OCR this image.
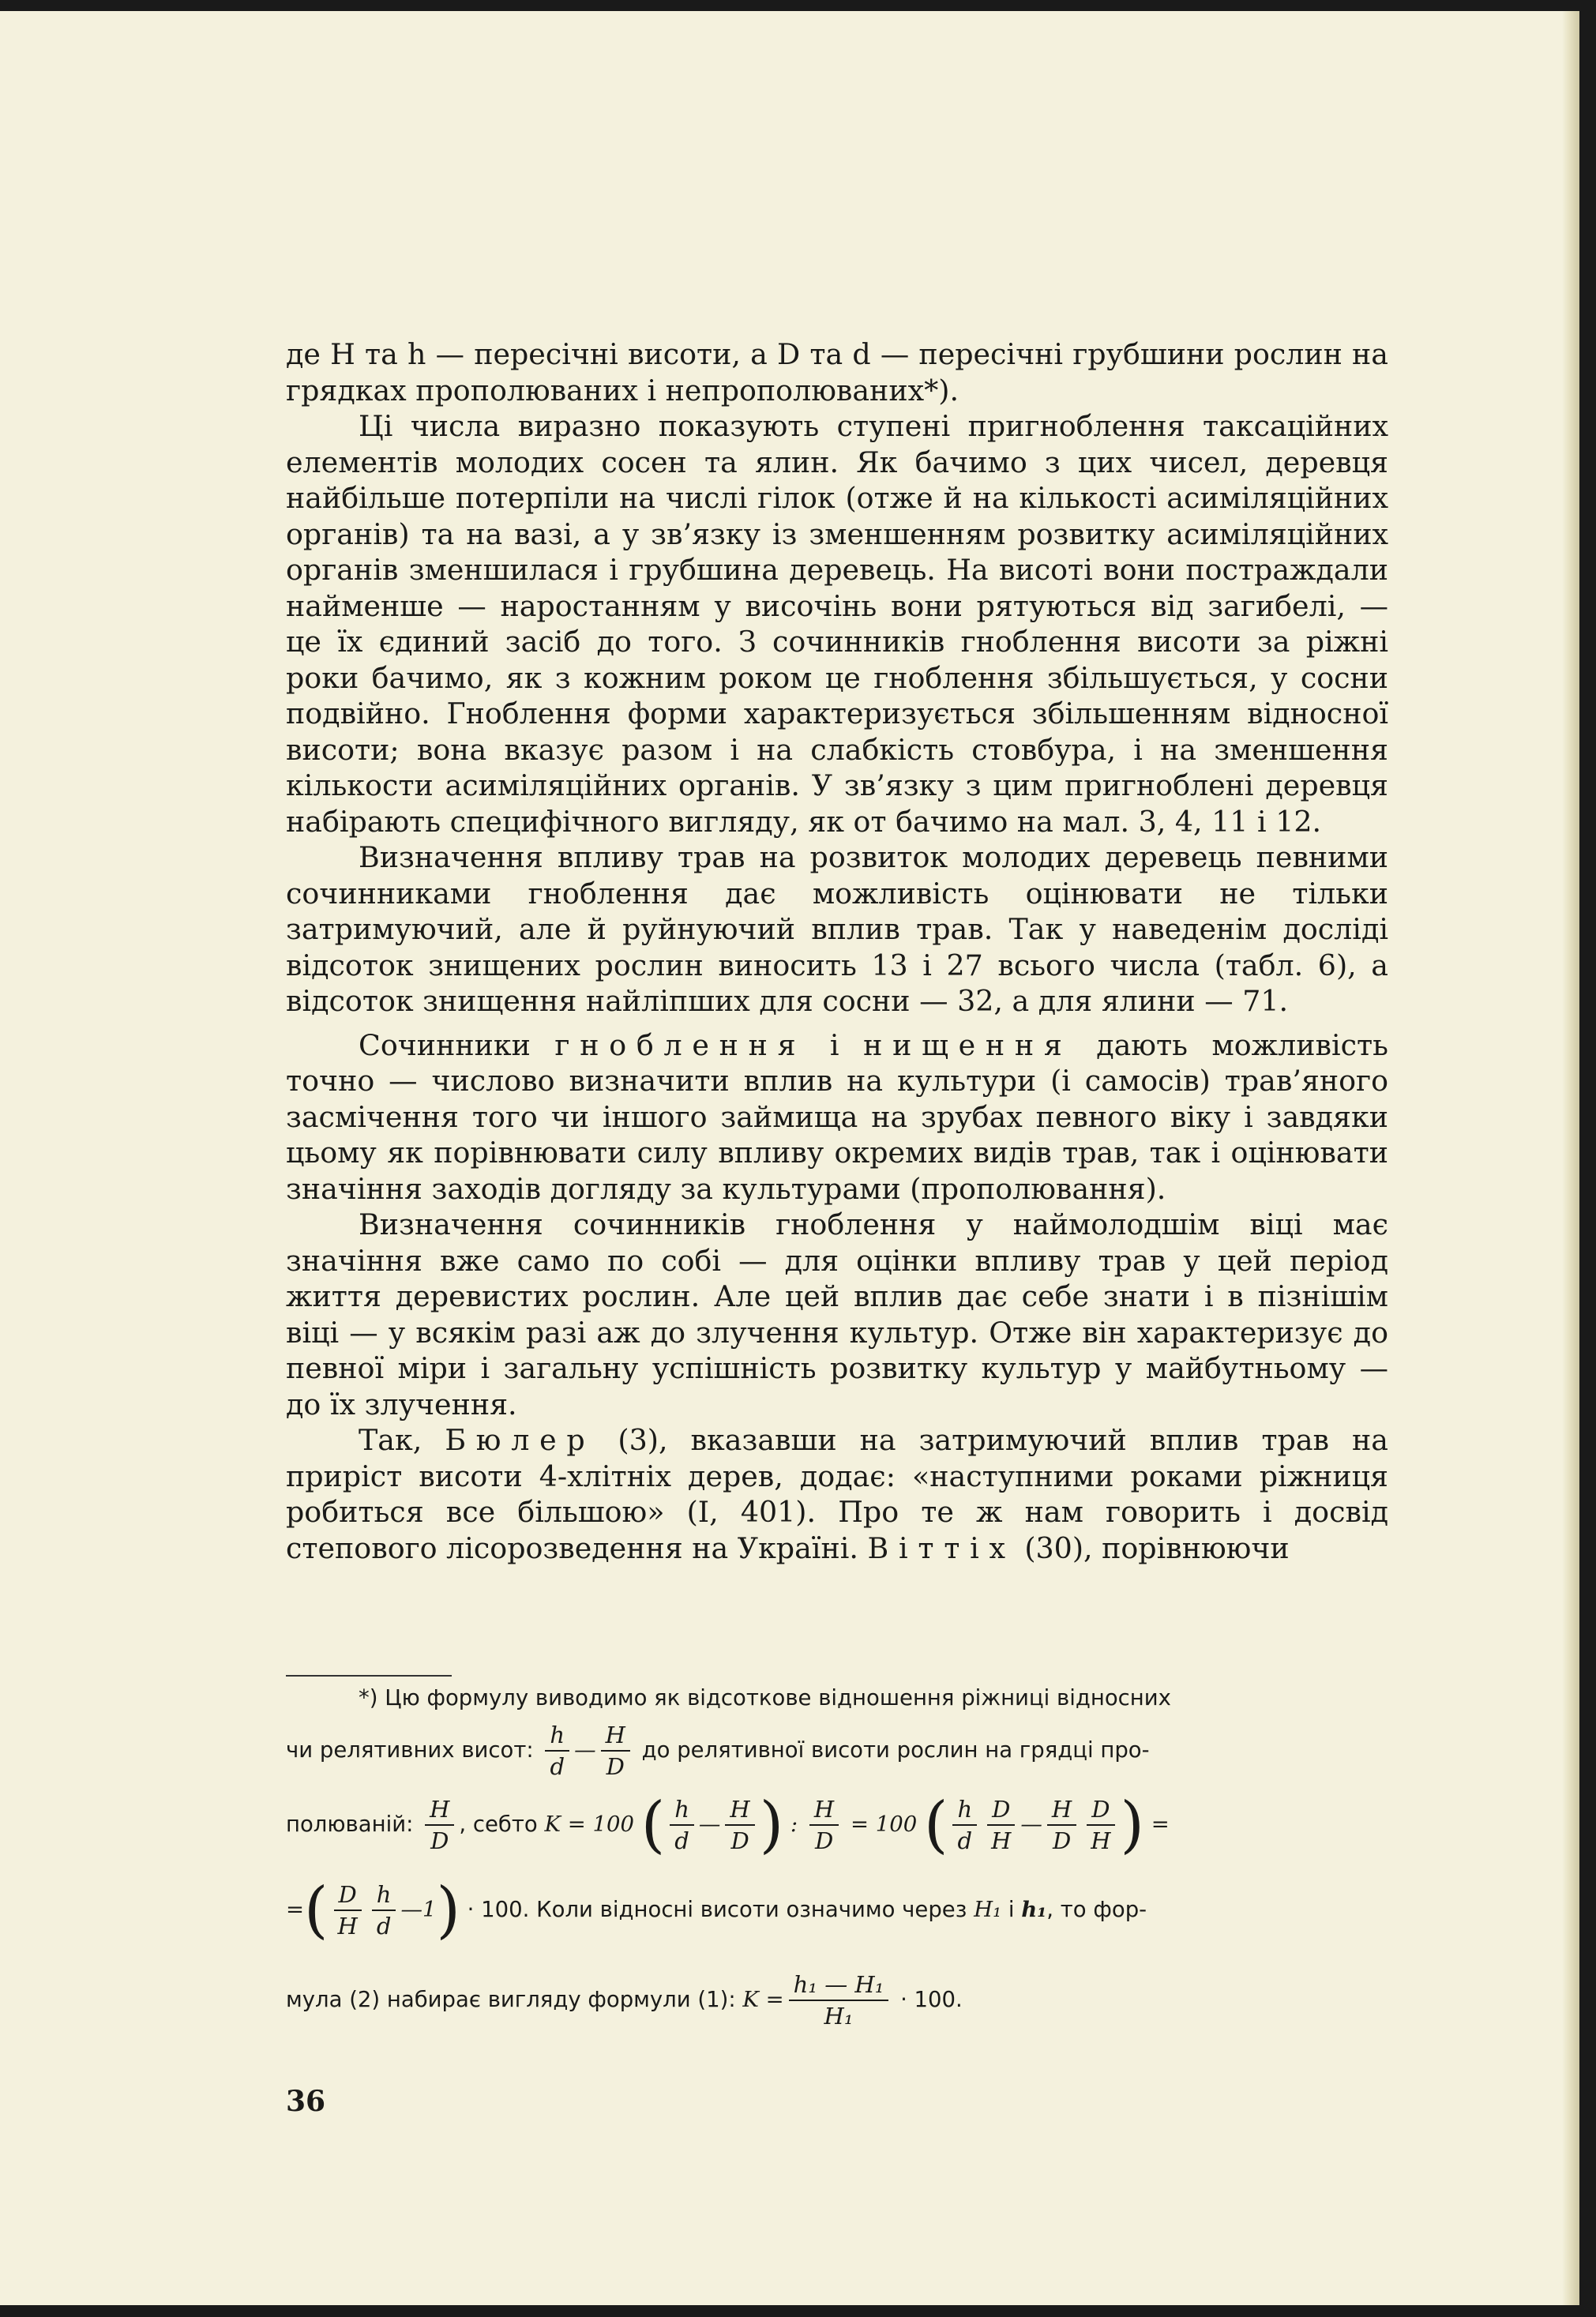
де H та h — пересічні висоти, а D та d — пересічні грубшини рослин на грядках прополюваних і непрополюваних*).

Ці числа виразно показують ступені пригноблення таксаційних елементів молодих сосен та ялин. Як бачимо з цих чисел, деревця найбільше потерпіли на числі гілок (отже й на кількості асиміляційних органів) та на вазі, а у зв’язку із зменшенням розвитку асиміляційних органів зменшилася і грубшина деревець. На висоті вони постраждали найменше — наростанням у височінь вони рятуються від загибелі, — це їх єдиний засіб до того. З сочинників гноблення висоти за ріжні роки бачимо, як з кожним роком це гноблення збільшується, у сосни подвійно. Гноблення форми характеризується збільшенням відносної висоти; вона вказує разом і на слабкість стовбура, і на зменшення кількости асиміляційних органів. У зв’язку з цим пригноблені деревця набірають специфічного вигляду, як от бачимо на мал. 3, 4, 11 і 12.

Визначення впливу трав на розвиток молодих деревець певними сочинниками гноблення дає можливість оцінювати не тільки затримуючий, але й руйнуючий вплив трав. Так у наведенім досліді відсоток знищених рослин виносить 13 і 27 всього числа (табл. 6), а відсоток знищення найліпших для сосни — 32, а для ялини — 71.

Сочинники гноблення і нищення дають можливість точно — числово визначити вплив на культури (і самосів) трав’яного засмічення того чи іншого займища на зрубах певного віку і завдяки цьому як порівнювати силу впливу окремих видів трав, так і оцінювати значіння заходів догляду за культурами (прополювання).

Визначення сочинників гноблення у наймолодшім віці має значіння вже само по собі — для оцінки впливу трав у цей період життя деревистих рослин. Але цей вплив дає себе знати і в пізнішім віці — у всякім разі аж до злучення культур. Отже він характеризує до певної міри і загальну успішність розвитку культур у майбутньому — до їх злучення.

Так, Бюлер (3), вказавши на затримуючий вплив трав на приріст висоти 4-хлітніх дерев, додає: «наступними роками ріжниця робиться все більшою» (І, 401). Про те ж нам говорить і досвід степового лісорозведення на Україні. Віттіх (30), порівнюючи

*) Цю формулу виводимо як відсоткове відношення ріжниці відносних
чи релятивних висот: $\frac{h}{d}$ — $\frac{H}{D}$ до релятивної висоти рослин на грядці про-
полюваній: $\frac{H}{D}$ , себто K = 100 ( $\frac{h}{d}$ — $\frac{H}{D}$ ) : $\frac{H}{D} = 100$ ( $\frac{h}{d} \frac{D}{H}$ — $\frac{H}{D} \frac{D}{H}$ ) =
=( $\frac{D}{H} \frac{h}{d}$ —1) · 100. Коли відносні висоти означимо через H₁ і h₁, то фор-
мула (2) набирає вигляду формули (1): $K = \frac{\text{h₁ — H₁}}{\text{H₁}} \cdot 100$.
36
